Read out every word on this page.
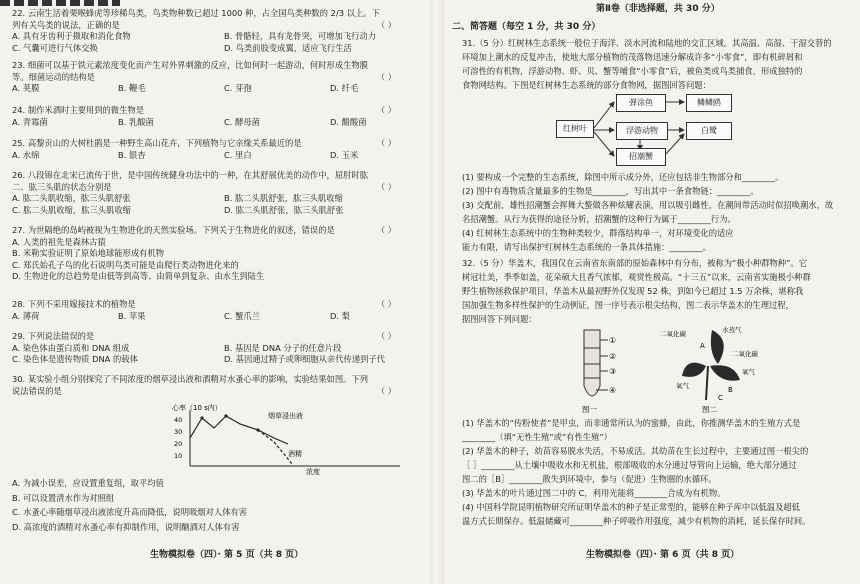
22. 云南生活着栗喉蜂虎等珍稀鸟类，鸟类物种数已超过 1000 种，占全国鸟类种数的 2/3 以上。下
列有关鸟类的说法，正确的是	（ ）
A. 具有牙齿利于摄取和消化食物	B. 骨骼轻，具有龙骨突，可增加飞行动力
C. 气囊可进行气体交换	D. 鸟类前肢变成翼，适应飞行生活
23. 细菌可以基于铁元素浓度变化而产生对外界刺激的反应，比如何时一起游动，何时形成生物膜
等。细菌运动的结构是	（ ）
A. 荚膜	B. 鞭毛	C. 芽孢	D. 纤毛
24. 制作米酒时主要用到的微生物是	（ ）
A. 青霉菌	B. 乳酸菌	C. 酵母菌	D. 醋酸菌
25. 高黎贡山的大树杜鹃是一种野生高山花卉，下列植物与它亲缘关系最近的是	（ ）
A. 水绵	B. 银杏	C. 里白	D. 玉米
26. 八段锦在北宋已流传于世，是中国传统健身功法中的一种，在其舒展优美的动作中，屈肘时肱
二、肱三头肌的状态分别是	（ ）
A. 肱二头肌收缩，肱三头肌舒张	B. 肱二头肌舒张，肱三头肌收缩
C. 肱二头肌收缩，肱三头肌收缩	D. 肱二头肌舒张，肱三头肌舒张
27. 为世隔绝的岛屿被视为生物进化的天然实验场。下列关于生物进化的叙述，错误的是	（ ）
A. 人类的祖先是森林古猿
B. 米勒实验证明了原始地球能形成有机物
C. 郑氏始孔子鸟的化石说明鸟类可能是由爬行类动物进化来的
D. 生物进化的总趋势是由低等到高等、由简单到复杂、由水生到陆生
28. 下列不采用嫁接技术的植物是	（ ）
A. 薄荷	B. 苹果	C. 蟹爪兰	D. 梨
29. 下列说法错误的是	（ ）
A. 染色体由蛋白质和 DNA 组成	B. 基因是 DNA 分子的任意片段
C. 染色体是遗传物质 DNA 的载体	D. 基因通过精子或卵细胞从亲代传递到子代
30. 某实验小组分别探究了不同浓度的烟草浸出液和酒精对水蚤心率的影响，实验结果如图。下列
说法错误的是	（ ）
心率（10 s内）
40
30
20
10
烟草浸出液
酒精
浓度
A. 为减小误差，应设置重复组，取平均值
B. 可以设置清水作为对照组
C. 水蚤心率随烟草浸出液浓度升高而降低，说明吸烟对人体有害
D. 高浓度的酒精对水蚤心率有抑制作用，说明酗酒对人体有害
生物模拟卷（四）· 第 5 页（共 8 页）
第Ⅱ卷（非选择题，共 30 分）
二、简答题（每空 1 分，共 30 分）
31.（5 分）红树林生态系统一般位于海洋、淡水河流和陆地的交汇区域。其高温、高湿、干湿交替的
环境加上潮水的反复冲击，使地大部分植物的茂落物迅速分解成许多“小零食”，即有机碎屑和
可溶性的有机物，浮游动物、虾、贝、蟹等哺食“小零食”后，被鱼类或鸟类捕食，形成独特的
食物网结构。下图是红树林生态系统的部分食物网，据图回答问题：
红树叶
弹涂鱼
浮游动物
招潮蟹
鳞鳞鸥
白鹭
(1) 要构成一个完整的生态系统，除图中所示成分外，还应包括非生物部分和________。
(2) 图中有毒物质含量最多的生物是________，写出其中一条食物链：________。
(3) 交配前，雄性招潮蟹会挥舞大螯做各种炫耀表演，用以吸引雌性，在潮间带活动时似招唤潮水，故
名招潮蟹。从行为获得的途径分析，招潮蟹的这种行为属于________行为。
(4) 红树林生态系统中的生物种类较少，群落结构单一，对环境变化的适应
能力有限，请写出保护红树林生态系统的一条具体措施：________。
32.（5 分）华盖木，我国仅在云南省东南部的原始森林中有分布，被称为“极小种群物种”。它
树冠壮美，季季如盖，花朵硕大且香气浓郁，观赏性极高。“十三五”以来，云南省实施极小种群
野生植物拯救保护项目，华盖木从最初野外仅发现 52 株，到如今已超过 1.5 万余株，堪称我
国加强生物多样性保护的生动例证，图一序号表示根尖结构，图二表示华盖木的生理过程，
据图回答下列问题：
①
②
③
④
图一
水蒸气
二氧化碳
二氧化碳
氧气
氧气
A
B
C
图二
(1) 华盖木的“传粉使者”是甲虫，而非通常所认为的蜜蜂，由此，你推测华盖木的生殖方式是
________（填“无性生殖”或“有性生殖”）
(2) 华盖木的种子，幼苗容易脱水失活，不易成活。其幼苗在生长过程中，主要通过图一根尖的
［ ］________从土壤中吸收水和无机盐，根部吸收的水分通过导管向上运输，绝大部分通过
图二的［B］________散失到环境中，参与（促进）生物圈的水循环。
(3) 华盖木的叶片通过图二中的 C，利用光能将________合成为有机物。
(4) 中国科学院昆明植物研究所证明华盖木的种子是正常型的，能够在种子库中以低温及超低
温方式长期保存。低温储藏可________种子呼吸作用强度，减少有机物的消耗，延长保存时间。
生物模拟卷（四）· 第 6 页（共 8 页）
